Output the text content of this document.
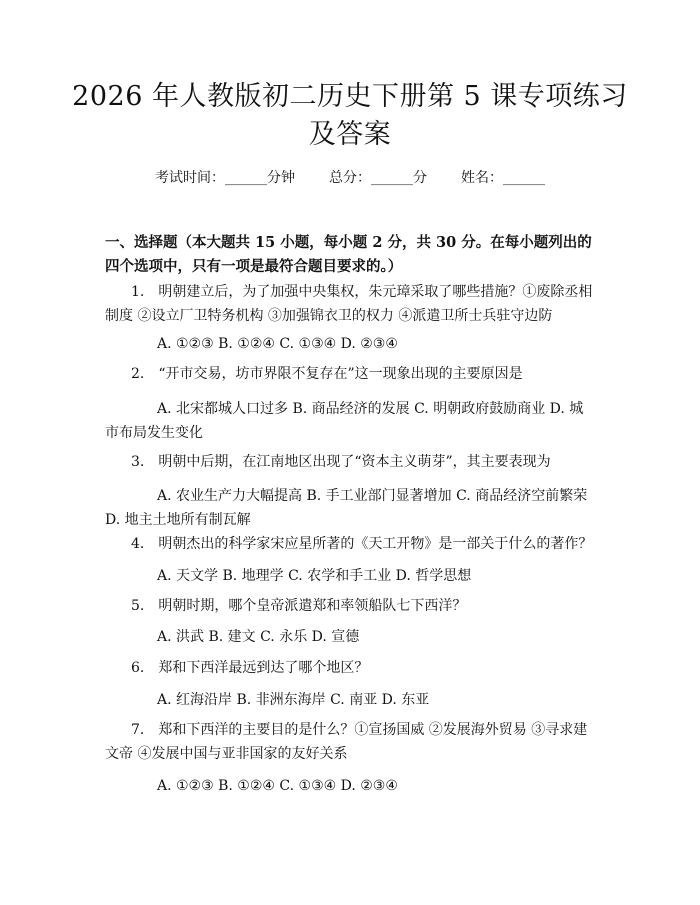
2026 年人教版初二历史下册第 5 课专项练习及答案
考试时间：______分钟 总分：______分 姓名：______

一、选择题（本大题共 15 小题，每小题 2 分，共 30 分。在每小题列出的四个选项中，只有一项是最符合题目要求的。）

1.　明朝建立后，为了加强中央集权，朱元璋采取了哪些措施？①废除丞相制度 ②设立厂卫特务机构 ③加强锦衣卫的权力 ④派遣卫所士兵驻守边防

A. ①②③ B. ①②④ C. ①③④ D. ②③④

2.　“开市交易，坊市界限不复存在”这一现象出现的主要原因是

A. 北宋都城人口过多 B. 商品经济的发展 C. 明朝政府鼓励商业 D. 城市布局发生变化

3.　明朝中后期，在江南地区出现了“资本主义萌芽”，其主要表现为

A. 农业生产力大幅提高 B. 手工业部门显著增加 C. 商品经济空前繁荣 D. 地主土地所有制瓦解

4.　明朝杰出的科学家宋应星所著的《天工开物》是一部关于什么的著作？

A. 天文学 B. 地理学 C. 农学和手工业 D. 哲学思想

5.　明朝时期，哪个皇帝派遣郑和率领船队七下西洋？

A. 洪武 B. 建文 C. 永乐 D. 宣德

6.　郑和下西洋最远到达了哪个地区？

A. 红海沿岸 B. 非洲东海岸 C. 南亚 D. 东亚

7.　郑和下西洋的主要目的是什么？①宣扬国威 ②发展海外贸易 ③寻求建文帝 ④发展中国与亚非国家的友好关系

A. ①②③ B. ①②④ C. ①③④ D. ②③④
